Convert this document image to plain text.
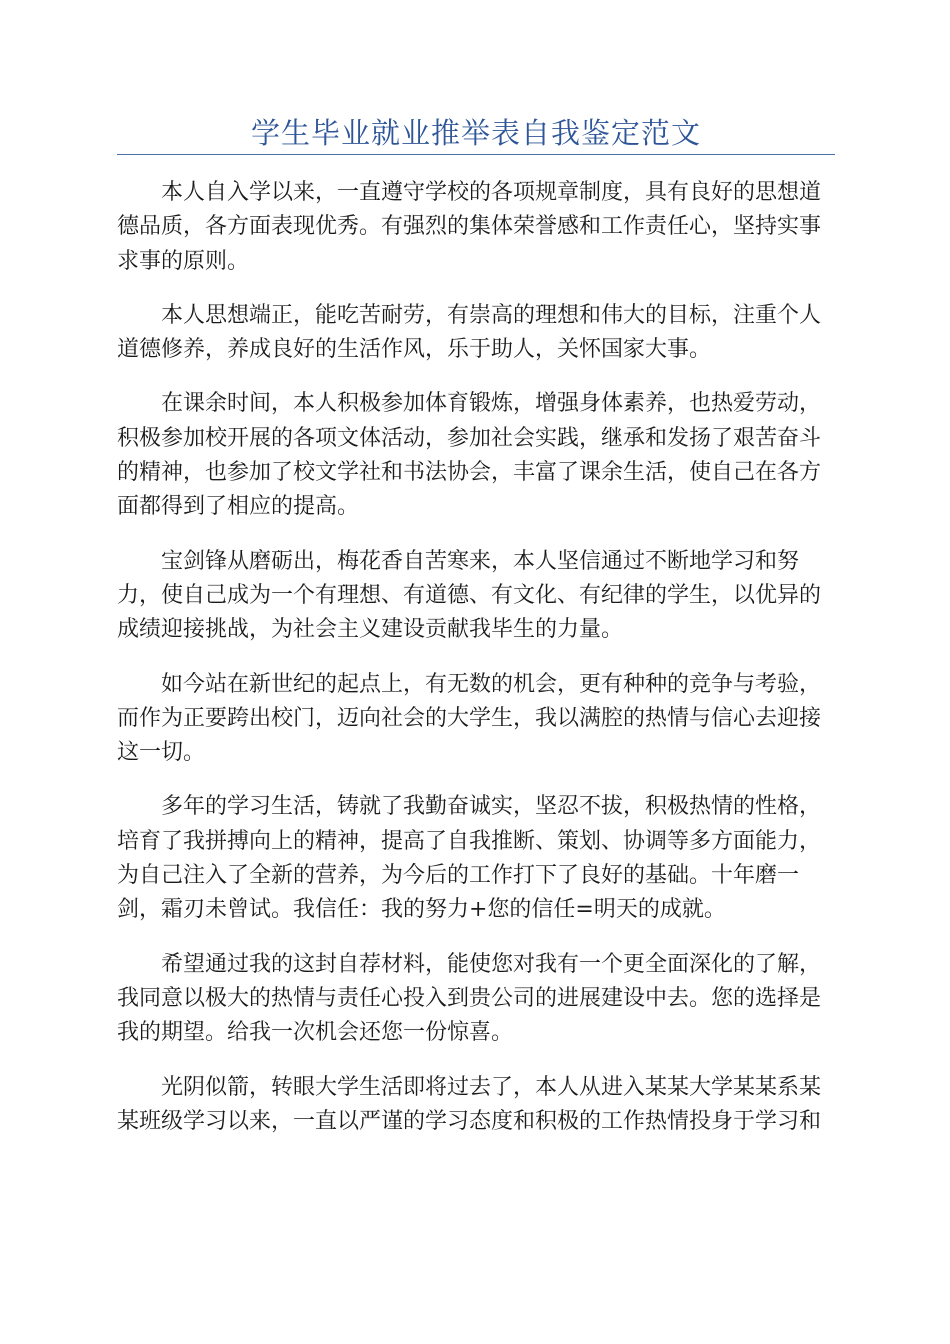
学生毕业就业推举表自我鉴定范文

本人自入学以来，一直遵守学校的各项规章制度，具有良好的思想道
德品质，各方面表现优秀。有强烈的集体荣誉感和工作责任心，坚持实事
求事的原则。

本人思想端正，能吃苦耐劳，有崇高的理想和伟大的目标，注重个人
道德修养，养成良好的生活作风，乐于助人，关怀国家大事。

在课余时间，本人积极参加体育锻炼，增强身体素养，也热爱劳动，
积极参加校开展的各项文体活动，参加社会实践，继承和发扬了艰苦奋斗
的精神，也参加了校文学社和书法协会，丰富了课余生活，使自己在各方
面都得到了相应的提高。

宝剑锋从磨砺出，梅花香自苦寒来，本人坚信通过不断地学习和努
力，使自己成为一个有理想、有道德、有文化、有纪律的学生，以优异的
成绩迎接挑战，为社会主义建设贡献我毕生的力量。

如今站在新世纪的起点上，有无数的机会，更有种种的竞争与考验，
而作为正要跨出校门，迈向社会的大学生，我以满腔的热情与信心去迎接
这一切。

多年的学习生活，铸就了我勤奋诚实，坚忍不拔，积极热情的性格，
培育了我拼搏向上的精神，提高了自我推断、策划、协调等多方面能力，
为自己注入了全新的营养，为今后的工作打下了良好的基础。十年磨一
剑，霜刃未曾试。我信任：我的努力+您的信任=明天的成就。

希望通过我的这封自荐材料，能使您对我有一个更全面深化的了解，
我同意以极大的热情与责任心投入到贵公司的进展建设中去。您的选择是
我的期望。给我一次机会还您一份惊喜。

光阴似箭，转眼大学生活即将过去了，本人从进入某某大学某某系某
某班级学习以来，一直以严谨的学习态度和积极的工作热情投身于学习和
